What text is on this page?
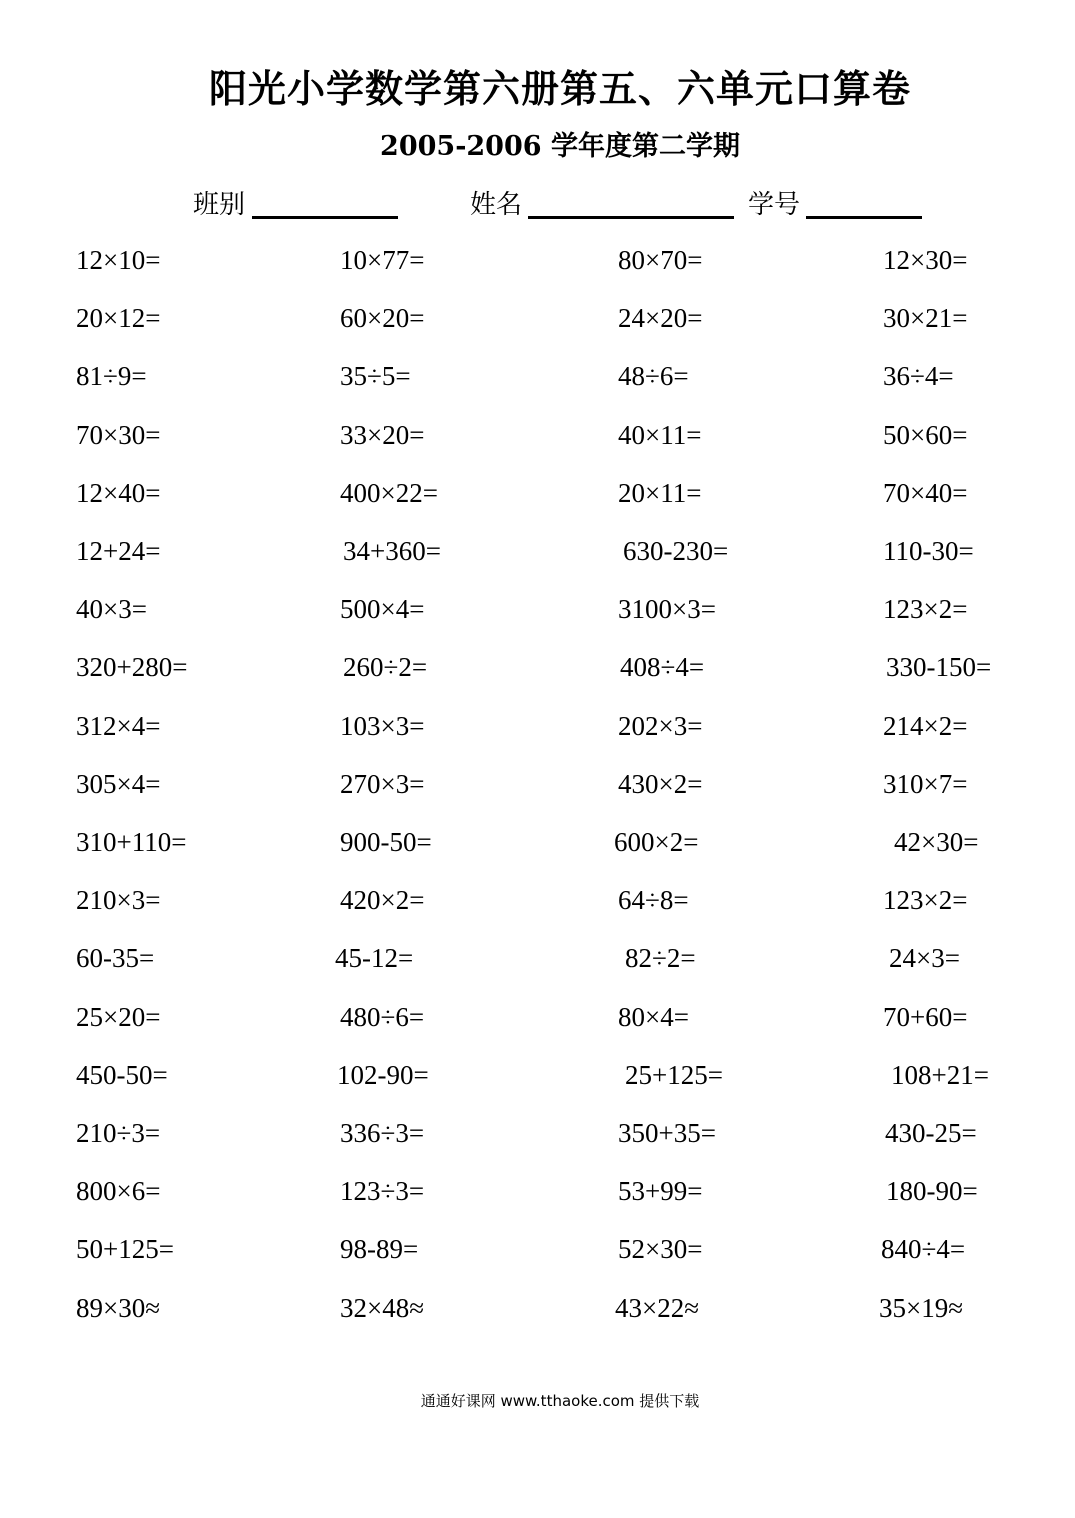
阳光小学数学第六册第五、六单元口算卷
2005-2006 学年度第二学期
班别	姓名	学号
12×10=	10×77=	80×70=	12×30=
20×12=	60×20=	24×20=	30×21=
81÷9=	35÷5=	48÷6=	36÷4=
70×30=	33×20=	40×11=	50×60=
12×40=	400×22=	20×11=	70×40=
12+24=	34+360=	630-230=	110-30=
40×3=	500×4=	3100×3=	123×2=
320+280=	260÷2=	408÷4=	330-150=
312×4=	103×3=	202×3=	214×2=
305×4=	270×3=	430×2=	310×7=
310+110=	900-50=	600×2=	42×30=
210×3=	420×2=	64÷8=	123×2=
60-35=	45-12=	82÷2=	24×3=
25×20=	480÷6=	80×4=	70+60=
450-50=	102-90=	25+125=	108+21=
210÷3=	336÷3=	350+35=	430-25=
800×6=	123÷3=	53+99=	180-90=
50+125=	98-89=	52×30=	840÷4=
89×30≈	32×48≈	43×22≈	35×19≈
通通好课网 www.tthaoke.com 提供下载
